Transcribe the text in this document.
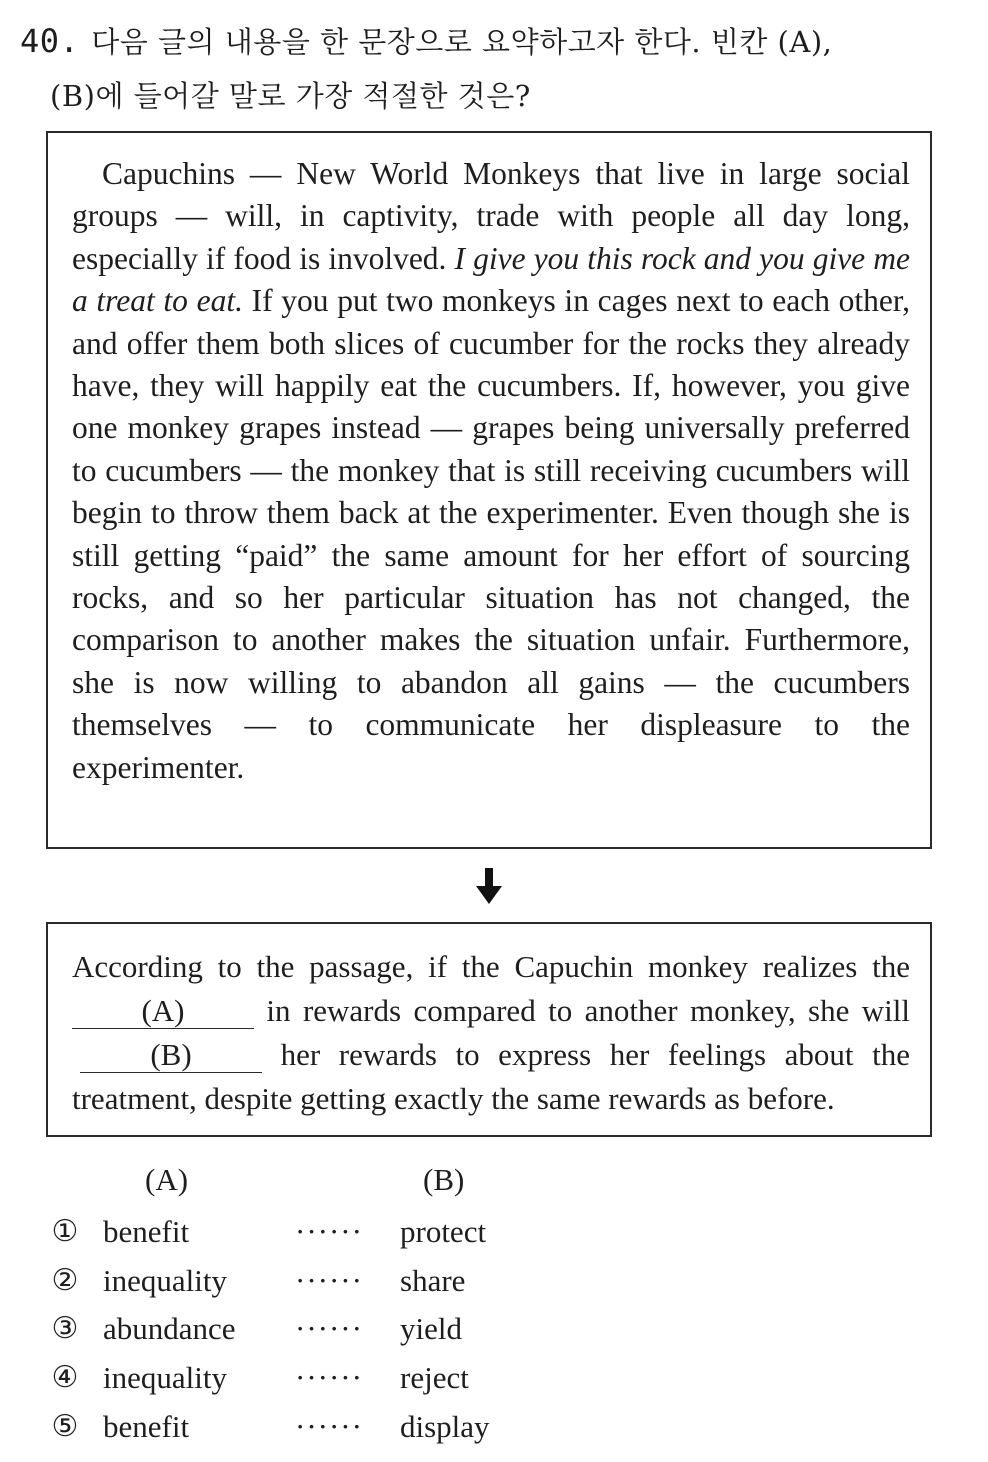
40. 다음 글의 내용을 한 문장으로 요약하고자 한다. 빈칸 (A),
(B)에 들어갈 말로 가장 적절한 것은?

Capuchins — New World Monkeys that live in large social groups — will, in captivity, trade with people all day long, especially if food is involved. I give you this rock and you give me a treat to eat. If you put two monkeys in cages next to each other, and offer them both slices of cucumber for the rocks they already have, they will happily eat the cucumbers. If, however, you give one monkey grapes instead — grapes being universally preferred to cucumbers — the monkey that is still receiving cucumbers will begin to throw them back at the experimenter. Even though she is still getting “paid” the same amount for her effort of sourcing rocks, and so her particular situation has not changed, the comparison to another makes the situation unfair. Furthermore, she is now willing to abandon all gains — the cucumbers themselves — to communicate her displeasure to the experimenter.

According to the passage, if the Capuchin monkey realizes the (A) in rewards compared to another monkey, she will (B) her rewards to express her feelings about the treatment, despite getting exactly the same rewards as before.

(A)	(B)
① benefit	······ protect
② inequality ······ share
③ abundance ······ yield
④ inequality ······ reject
⑤ benefit	······ display
